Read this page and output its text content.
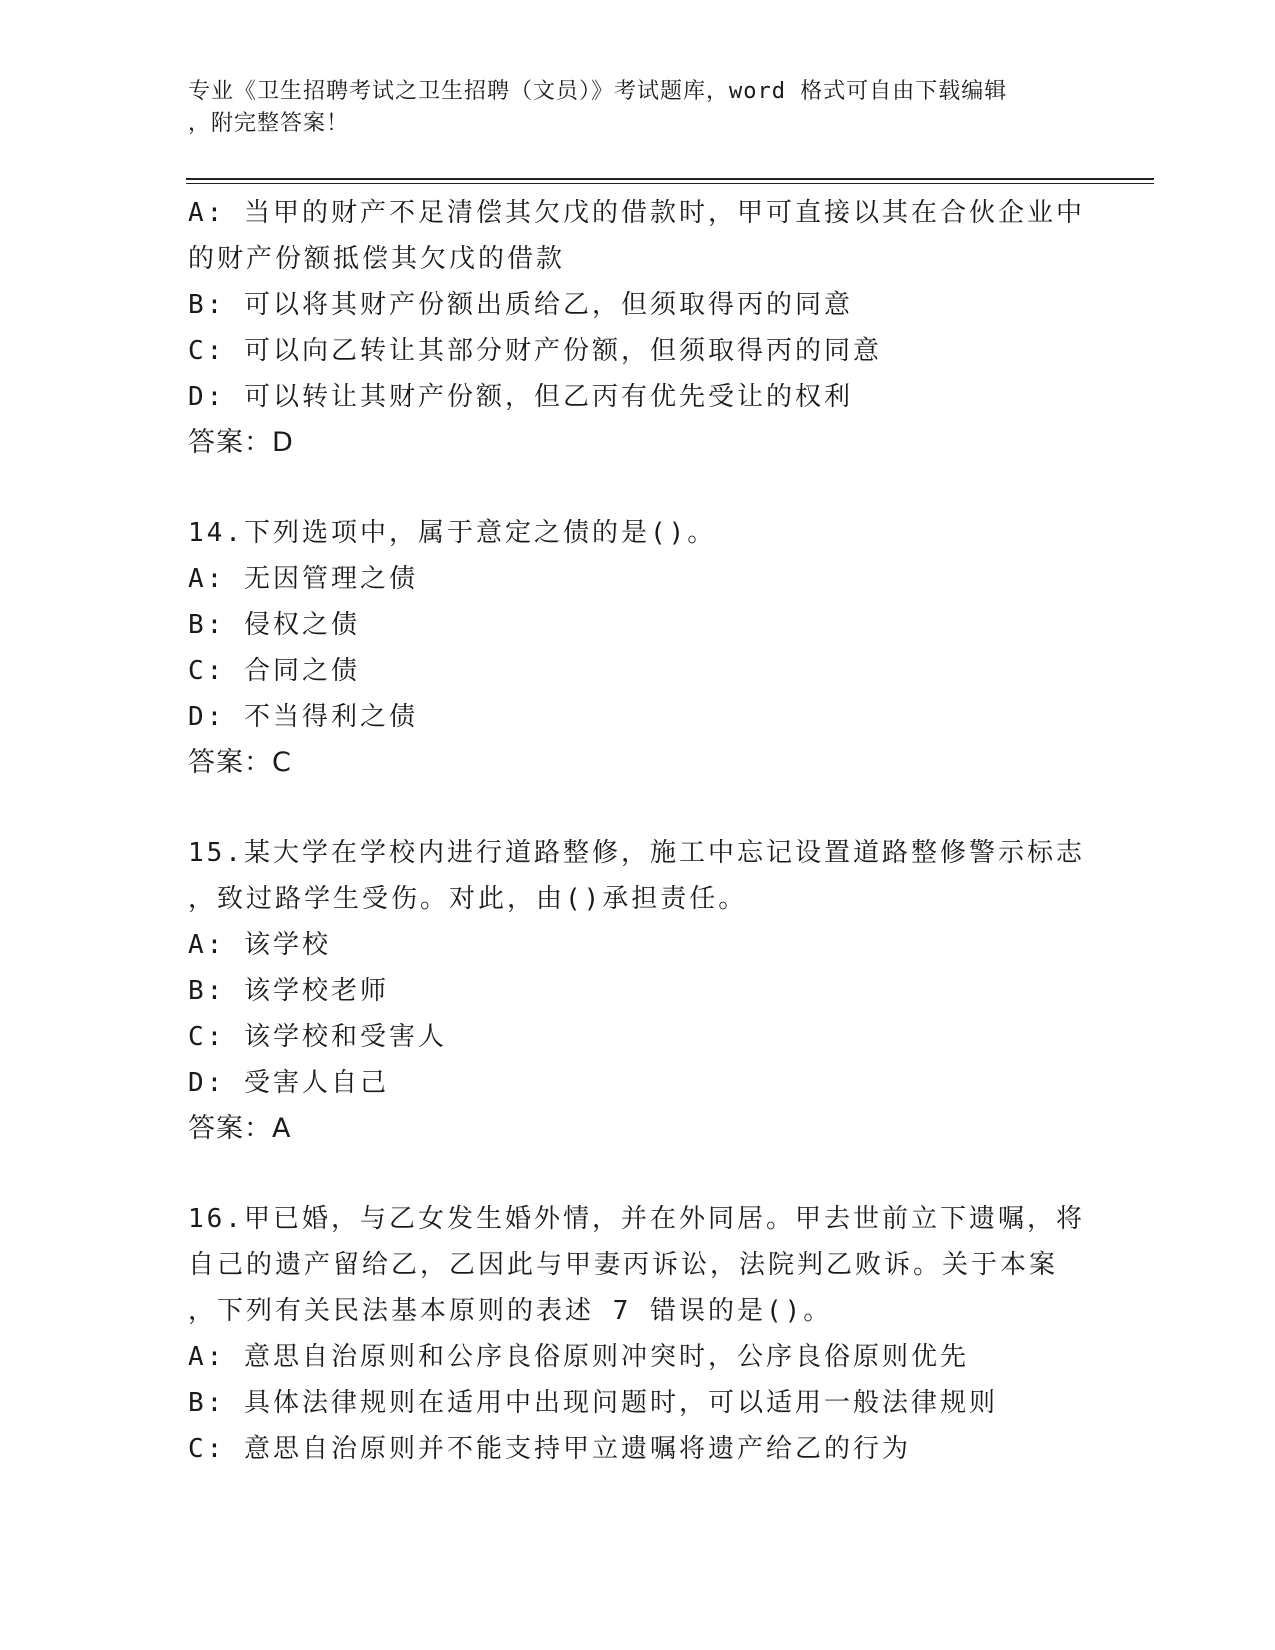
专业《卫生招聘考试之卫生招聘（文员）》考试题库，word 格式可自由下载编辑
，附完整答案！
A: 当甲的财产不足清偿其欠戊的借款时，甲可直接以其在合伙企业中
的财产份额抵偿其欠戊的借款
B: 可以将其财产份额出质给乙，但须取得丙的同意
C: 可以向乙转让其部分财产份额，但须取得丙的同意
D: 可以转让其财产份额，但乙丙有优先受让的权利
答案：D
14.下列选项中，属于意定之债的是()。
A: 无因管理之债
B: 侵权之债
C: 合同之债
D: 不当得利之债
答案：C
15.某大学在学校内进行道路整修，施工中忘记设置道路整修警示标志
，致过路学生受伤。对此，由()承担责任。
A: 该学校
B: 该学校老师
C: 该学校和受害人
D: 受害人自己
答案：A
16.甲已婚，与乙女发生婚外情，并在外同居。甲去世前立下遗嘱，将
自己的遗产留给乙，乙因此与甲妻丙诉讼，法院判乙败诉。关于本案
，下列有关民法基本原则的表述 7 错误的是()。
A: 意思自治原则和公序良俗原则冲突时，公序良俗原则优先
B: 具体法律规则在适用中出现问题时，可以适用一般法律规则
C: 意思自治原则并不能支持甲立遗嘱将遗产给乙的行为
